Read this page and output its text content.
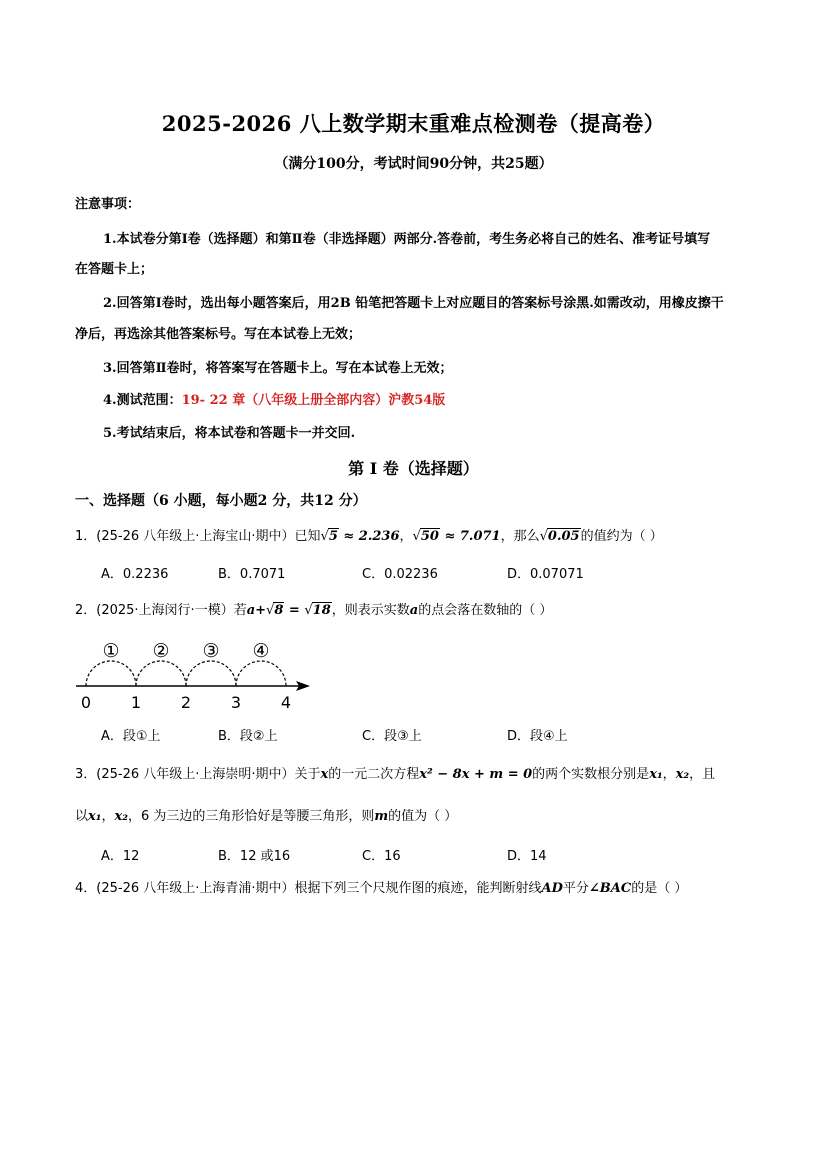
2025-2026 八上数学期末重难点检测卷（提高卷）
（满分100分，考试时间90分钟，共25题）
注意事项：
1.本试卷分第Ⅰ卷（选择题）和第Ⅱ卷（非选择题）两部分.答卷前，考生务必将自己的姓名、准考证号填写
在答题卡上；
2.回答第Ⅰ卷时，选出每小题答案后，用2B 铅笔把答题卡上对应题目的答案标号涂黑.如需改动，用橡皮擦干
净后，再选涂其他答案标号。写在本试卷上无效；
3.回答第Ⅱ卷时，将答案写在答题卡上。写在本试卷上无效；
4.测试范围：19- 22 章（八年级上册全部内容）沪教54版
5.考试结束后，将本试卷和答题卡一并交回.
第 I 卷（选择题）
一、选择题（6 小题，每小题2 分，共12 分）
1．(25-26 八年级上·上海宝山·期中）已知√5 ≈ 2.236，√50 ≈ 7.071，那么√0.05的值约为（ ）
A．0.2236	B．0.7071	C．0.02236	D．0.07071
2．(2025·上海闵行·一模）若a+√8 = √18，则表示实数a的点会落在数轴的（ ）
① ② ③ ④
0 1 2 3 4
A．段①上	B．段②上	C．段③上	D．段④上
3．(25-26 八年级上·上海崇明·期中）关于x的一元二次方程x² − 8x + m = 0的两个实数根分别是x₁，x₂，且
以x₁，x₂，6 为三边的三角形恰好是等腰三角形，则m的值为（ ）
A．12	B．12 或16	C．16	D．14
4．(25-26 八年级上·上海青浦·期中）根据下列三个尺规作图的痕迹，能判断射线AD平分∠BAC的是（ ）
